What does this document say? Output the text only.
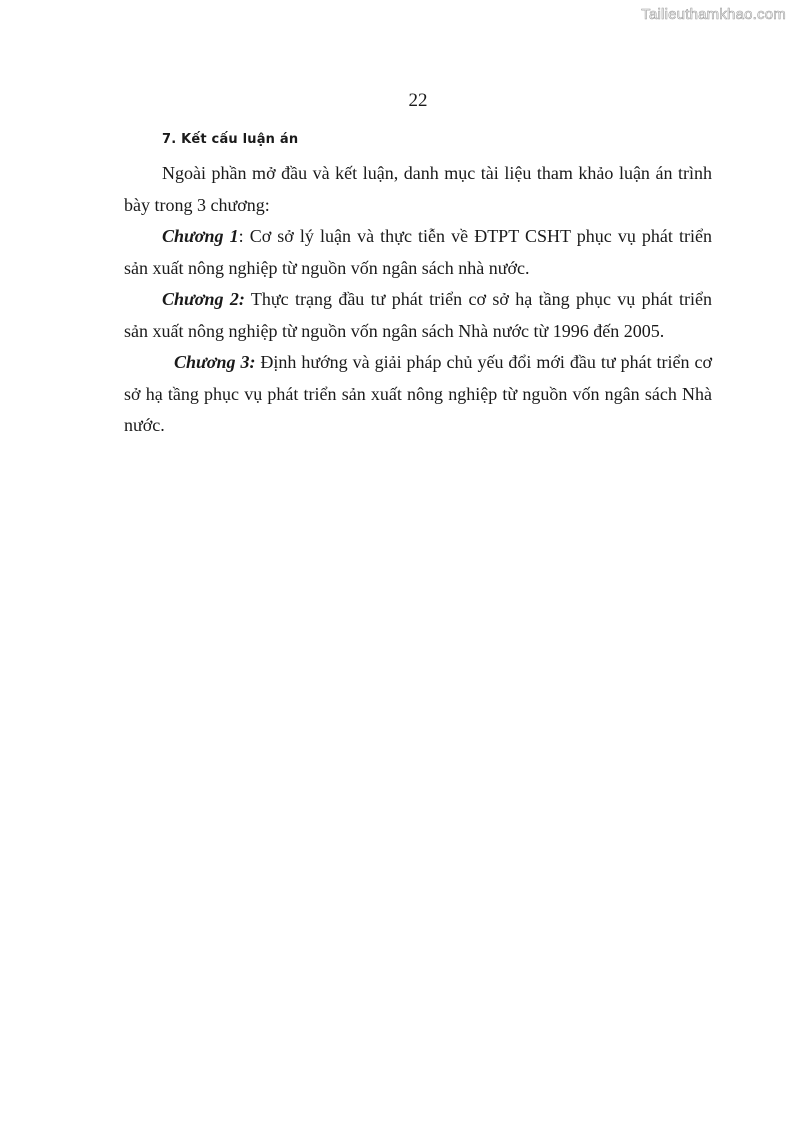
Tailieuthamkhao.com
22

7. Kết cấu luận án

Ngoài phần mở đầu và kết luận, danh mục tài liệu tham khảo luận án trình bày trong 3 chương:

Chương 1: Cơ sở lý luận và thực tiễn về ĐTPT CSHT phục vụ phát triển sản xuất nông nghiệp từ nguồn vốn ngân sách nhà nước.

Chương 2: Thực trạng đầu tư phát triển cơ sở hạ tầng phục vụ phát triển sản xuất nông nghiệp từ nguồn vốn ngân sách Nhà nước từ 1996 đến 2005.

Chương 3: Định hướng và giải pháp chủ yếu đổi mới đầu tư phát triển cơ sở hạ tầng phục vụ phát triển sản xuất nông nghiệp từ nguồn vốn ngân sách Nhà nước.
